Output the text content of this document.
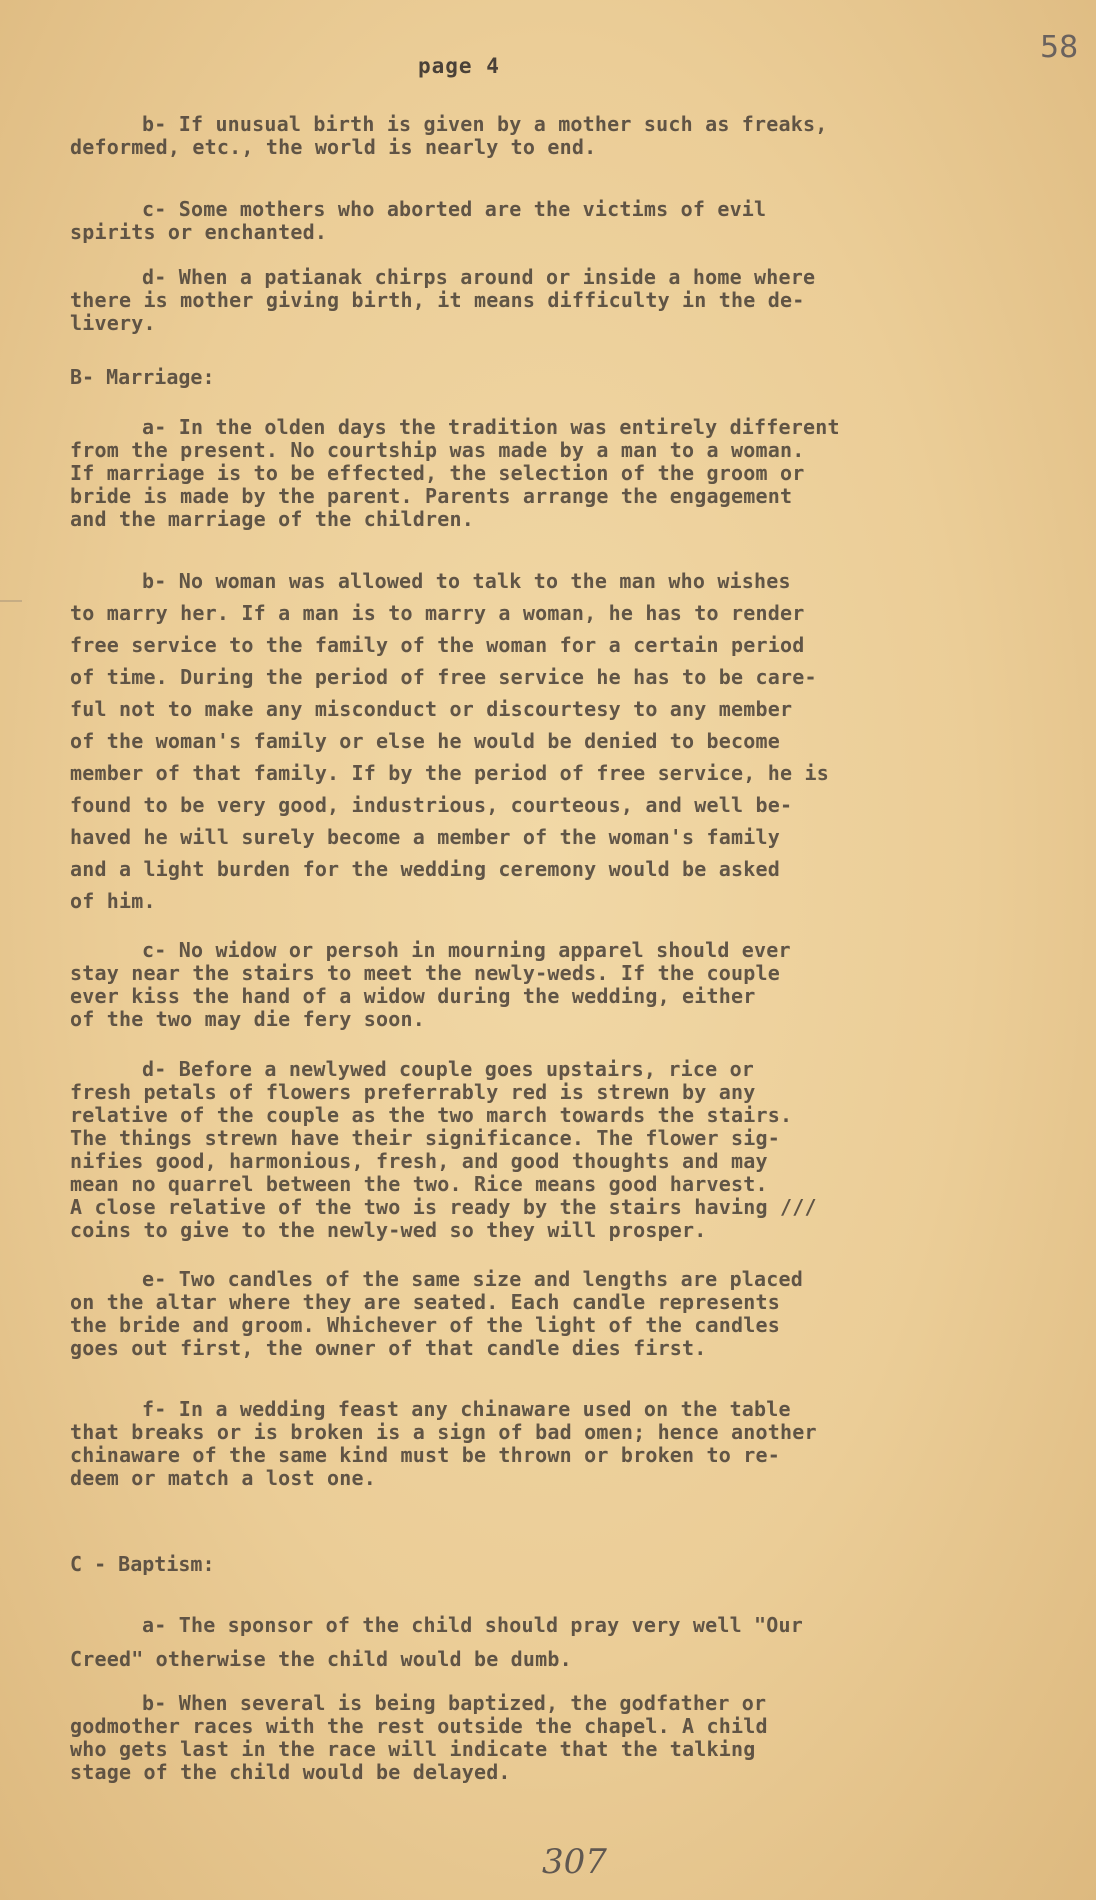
58
page 4
b- If unusual birth is given by a mother such as freaks,
deformed, etc., the world is nearly to end.
c- Some mothers who aborted are the victims of evil
spirits or enchanted.
d- When a patianak chirps around or inside a home where
there is mother giving birth, it means difficulty in the de-
livery.
B- Marriage:
a- In the olden days the tradition was entirely different
from the present. No courtship was made by a man to a woman.
If marriage is to be effected, the selection of the groom or
bride is made by the parent. Parents arrange the engagement
and the marriage of the children.
b- No woman was allowed to talk to the man who wishes
to marry her. If a man is to marry a woman, he has to render
free service to the family of the woman for a certain period
of time. During the period of free service he has to be care-
ful not to make any misconduct or discourtesy to any member
of the woman's family or else he would be denied to become
member of that family. If by the period of free service, he is
found to be very good, industrious, courteous, and well be-
haved he will surely become a member of the woman's family
and a light burden for the wedding ceremony would be asked
of him.
c- No widow or persoh in mourning apparel should ever
stay near the stairs to meet the newly-weds. If the couple
ever kiss the hand of a widow during the wedding, either
of the two may die fery soon.
d- Before a newlywed couple goes upstairs, rice or
fresh petals of flowers preferrably red is strewn by any
relative of the couple as the two march towards the stairs.
The things strewn have their significance. The flower sig-
nifies good, harmonious, fresh, and good thoughts and may
mean no quarrel between the two. Rice means good harvest.
A close relative of the two is ready by the stairs having ///
coins to give to the newly-wed so they will prosper.
e- Two candles of the same size and lengths are placed
on the altar where they are seated. Each candle represents
the bride and groom. Whichever of the light of the candles
goes out first, the owner of that candle dies first.
f- In a wedding feast any chinaware used on the table
that breaks or is broken is a sign of bad omen; hence another
chinaware of the same kind must be thrown or broken to re-
deem or match a lost one.
C - Baptism:
a- The sponsor of the child should pray very well "Our
Creed" otherwise the child would be dumb.
b- When several is being baptized, the godfather or
godmother races with the rest outside the chapel. A child
who gets last in the race will indicate that the talking
stage of the child would be delayed.
307
